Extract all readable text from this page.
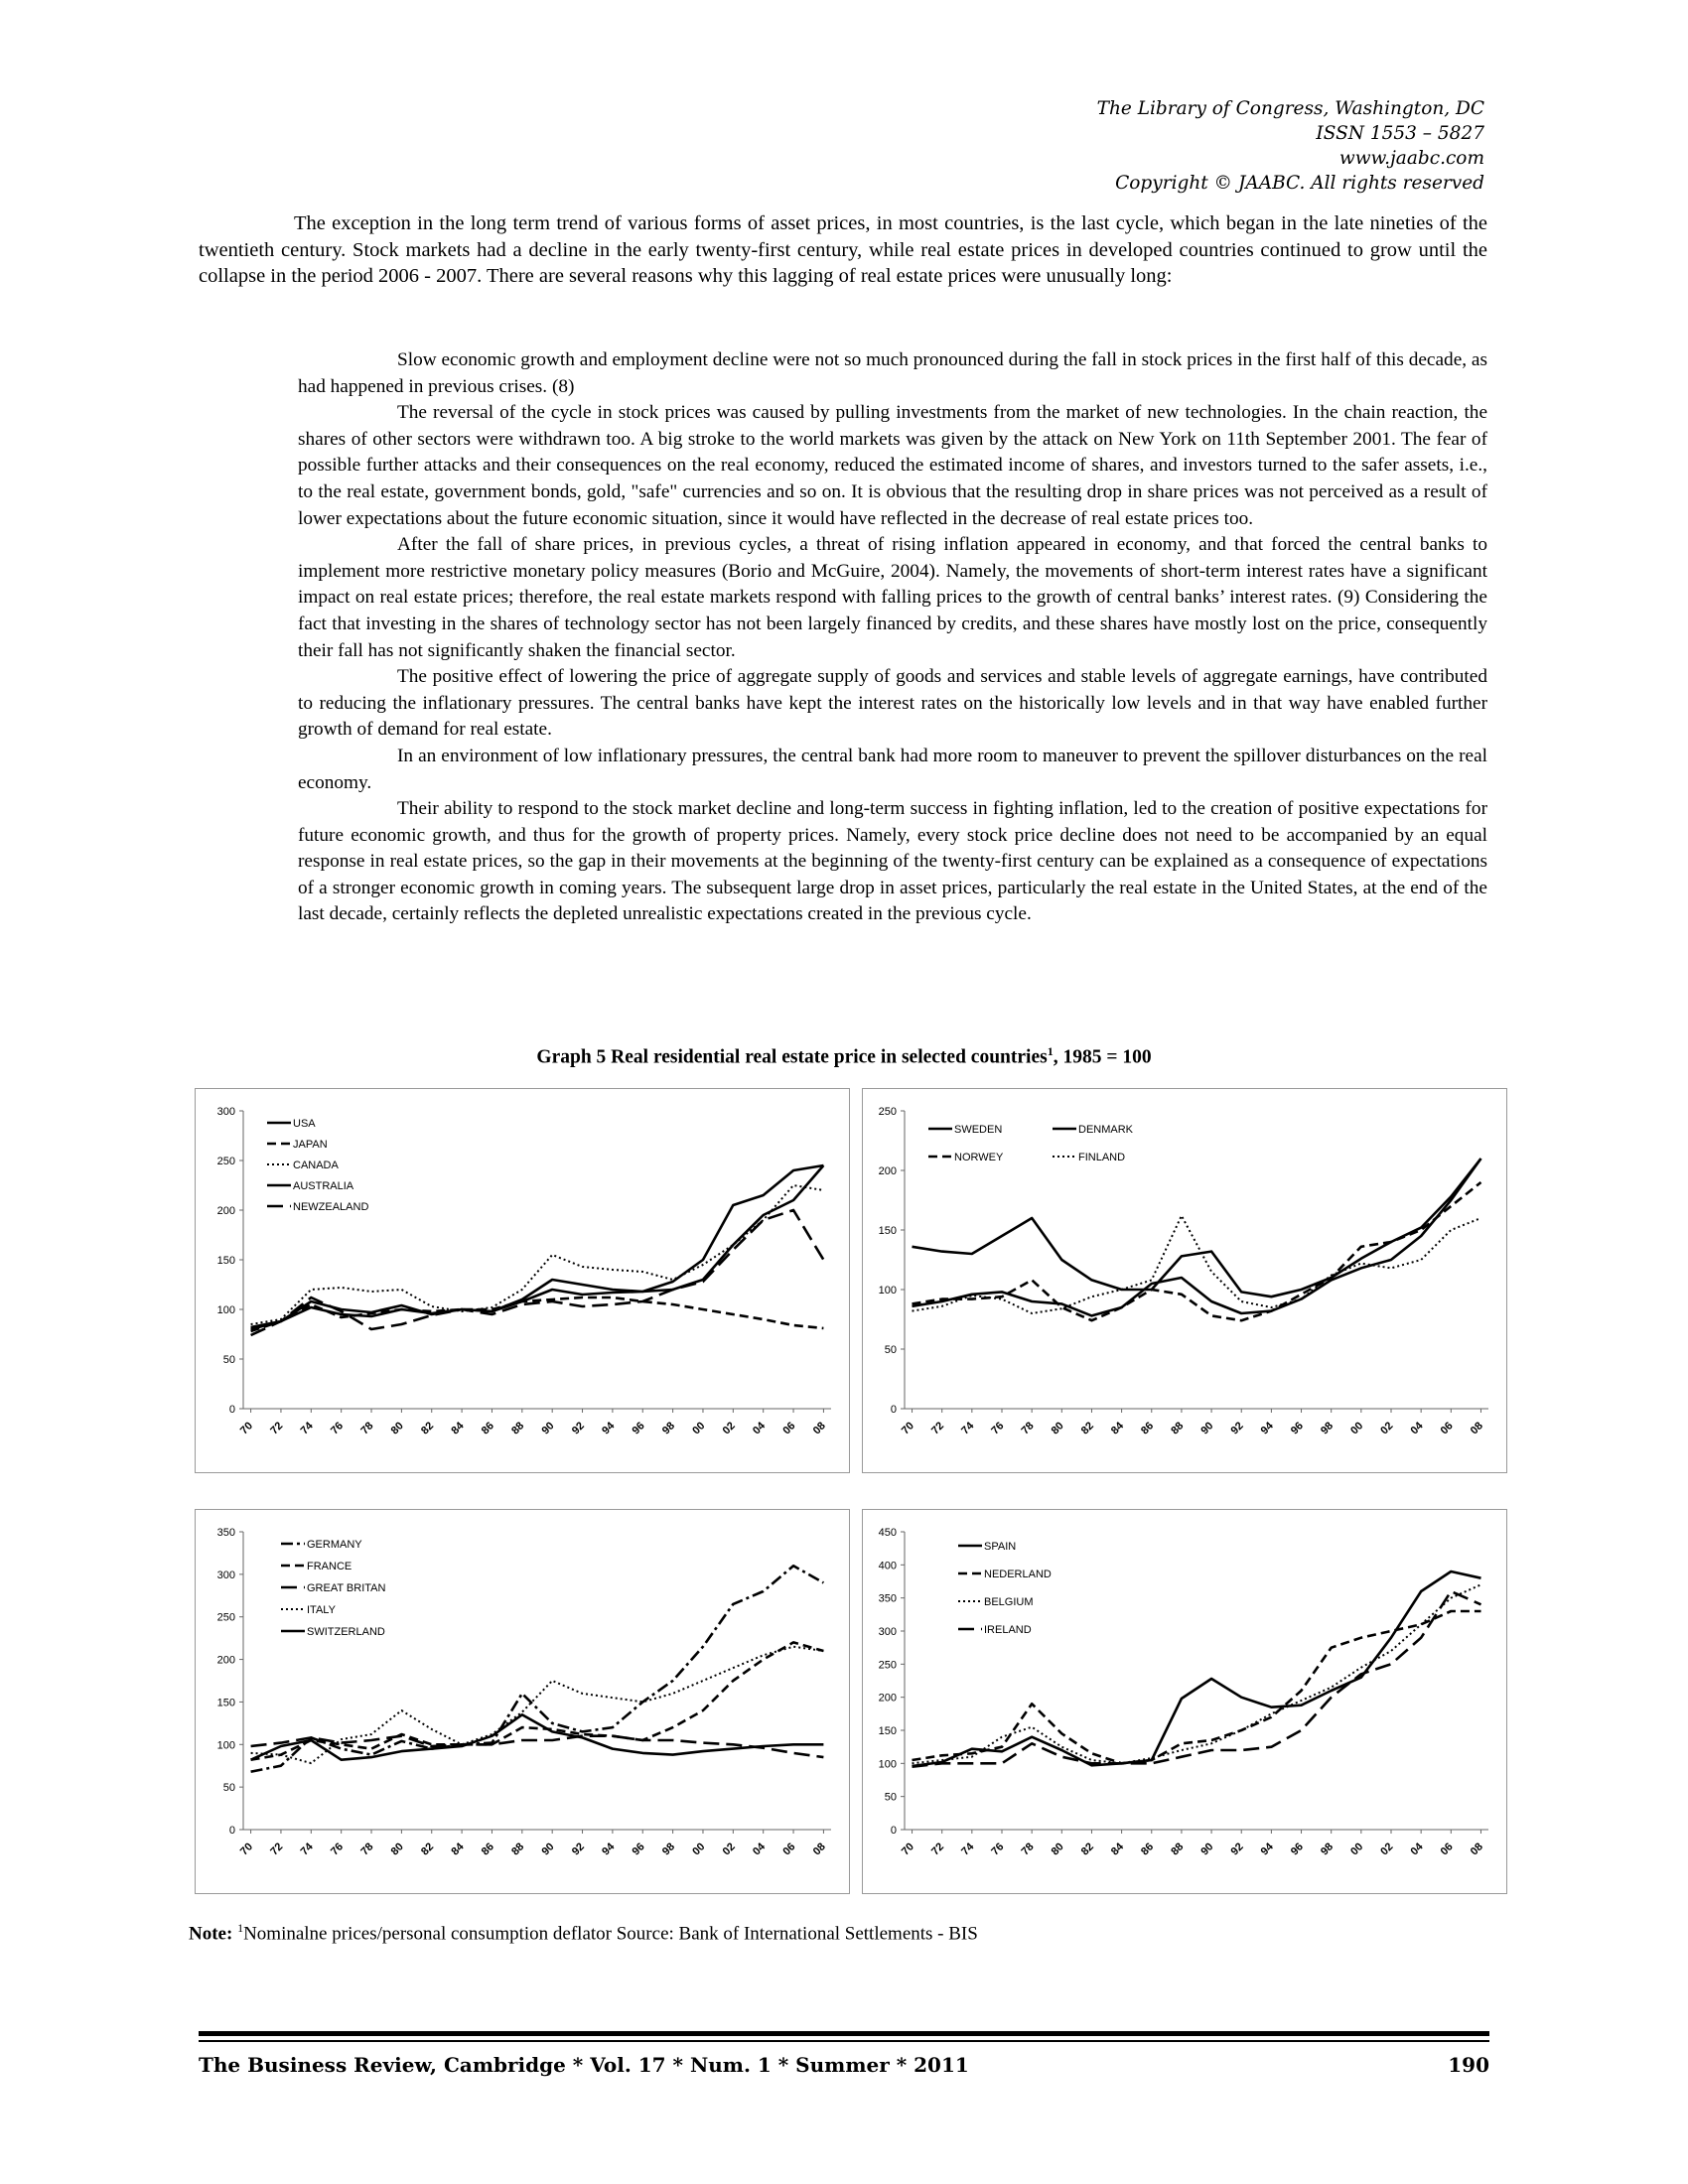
The Library of Congress, Washington, DC
ISSN 1553 – 5827
www.jaabc.com
Copyright © JAABC. All rights reserved

The exception in the long term trend of various forms of asset prices, in most countries, is the last cycle, which began in the late nineties of the twentieth century. Stock markets had a decline in the early twenty-first century, while real estate prices in developed countries continued to grow until the collapse in the period 2006 - 2007. There are several reasons why this lagging of real estate prices were unusually long:

Slow economic growth and employment decline were not so much pronounced during the fall in stock prices in the first half of this decade, as had happened in previous crises. (8)

The reversal of the cycle in stock prices was caused by pulling investments from the market of new technologies. In the chain reaction, the shares of other sectors were withdrawn too. A big stroke to the world markets was given by the attack on New York on 11th September 2001. The fear of possible further attacks and their consequences on the real economy, reduced the estimated income of shares, and investors turned to the safer assets, i.e., to the real estate, government bonds, gold, "safe" currencies and so on. It is obvious that the resulting drop in share prices was not perceived as a result of lower expectations about the future economic situation, since it would have reflected in the decrease of real estate prices too.

After the fall of share prices, in previous cycles, a threat of rising inflation appeared in economy, and that forced the central banks to implement more restrictive monetary policy measures (Borio and McGuire, 2004). Namely, the movements of short-term interest rates have a significant impact on real estate prices; therefore, the real estate markets respond with falling prices to the growth of central banks’ interest rates. (9) Considering the fact that investing in the shares of technology sector has not been largely financed by credits, and these shares have mostly lost on the price, consequently their fall has not significantly shaken the financial sector.

The positive effect of lowering the price of aggregate supply of goods and services and stable levels of aggregate earnings, have contributed to reducing the inflationary pressures. The central banks have kept the interest rates on the historically low levels and in that way have enabled further growth of demand for real estate.

In an environment of low inflationary pressures, the central bank had more room to maneuver to prevent the spillover disturbances on the real economy.

Their ability to respond to the stock market decline and long-term success in fighting inflation, led to the creation of positive expectations for future economic growth, and thus for the growth of property prices. Namely, every stock price decline does not need to be accompanied by an equal response in real estate prices, so the gap in their movements at the beginning of the twenty-first century can be explained as a consequence of expectations of a stronger economic growth in coming years. The subsequent large drop in asset prices, particularly the real estate in the United States, at the end of the last decade, certainly reflects the depleted unrealistic expectations created in the previous cycle.

Graph 5 Real residential real estate price in selected countries$^1$, 1985 = 100
0
50
100
150
200
250
300
70 72 74 76 78 80 82 84 86 88 90 92 94 96 98 00 02 04 06 08
USA
JAPAN
CANADA
AUSTRALIA
NEWZEALAND
0
50
100
150
200
250
70 72 74 76 78 80 82 84 86 88 90 92 94 96 98 00 02 04 06 08
SWEDEN	DENMARK
NORWEY	FINLAND
0
50
100
150
200
250
300
350
70 72 74 76 78 80 82 84 86 88 90 92 94 96 98 00 02 04 06 08
GERMANY
FRANCE
GREAT BRITAN
ITALY
SWITZERLAND
0
50
100
150
200
250
300
350
400
450
70 72 74 76 78 80 82 84 86 88 90 92 94 96 98 00 02 04 06 08
SPAIN
NEDERLAND
BELGIUM
IRELAND
Note: $^1$Nominalne prices/personal consumption deflator Source: Bank of International Settlements - BIS
The Business Review, Cambridge * Vol. 17 * Num. 1 * Summer * 2011	190
